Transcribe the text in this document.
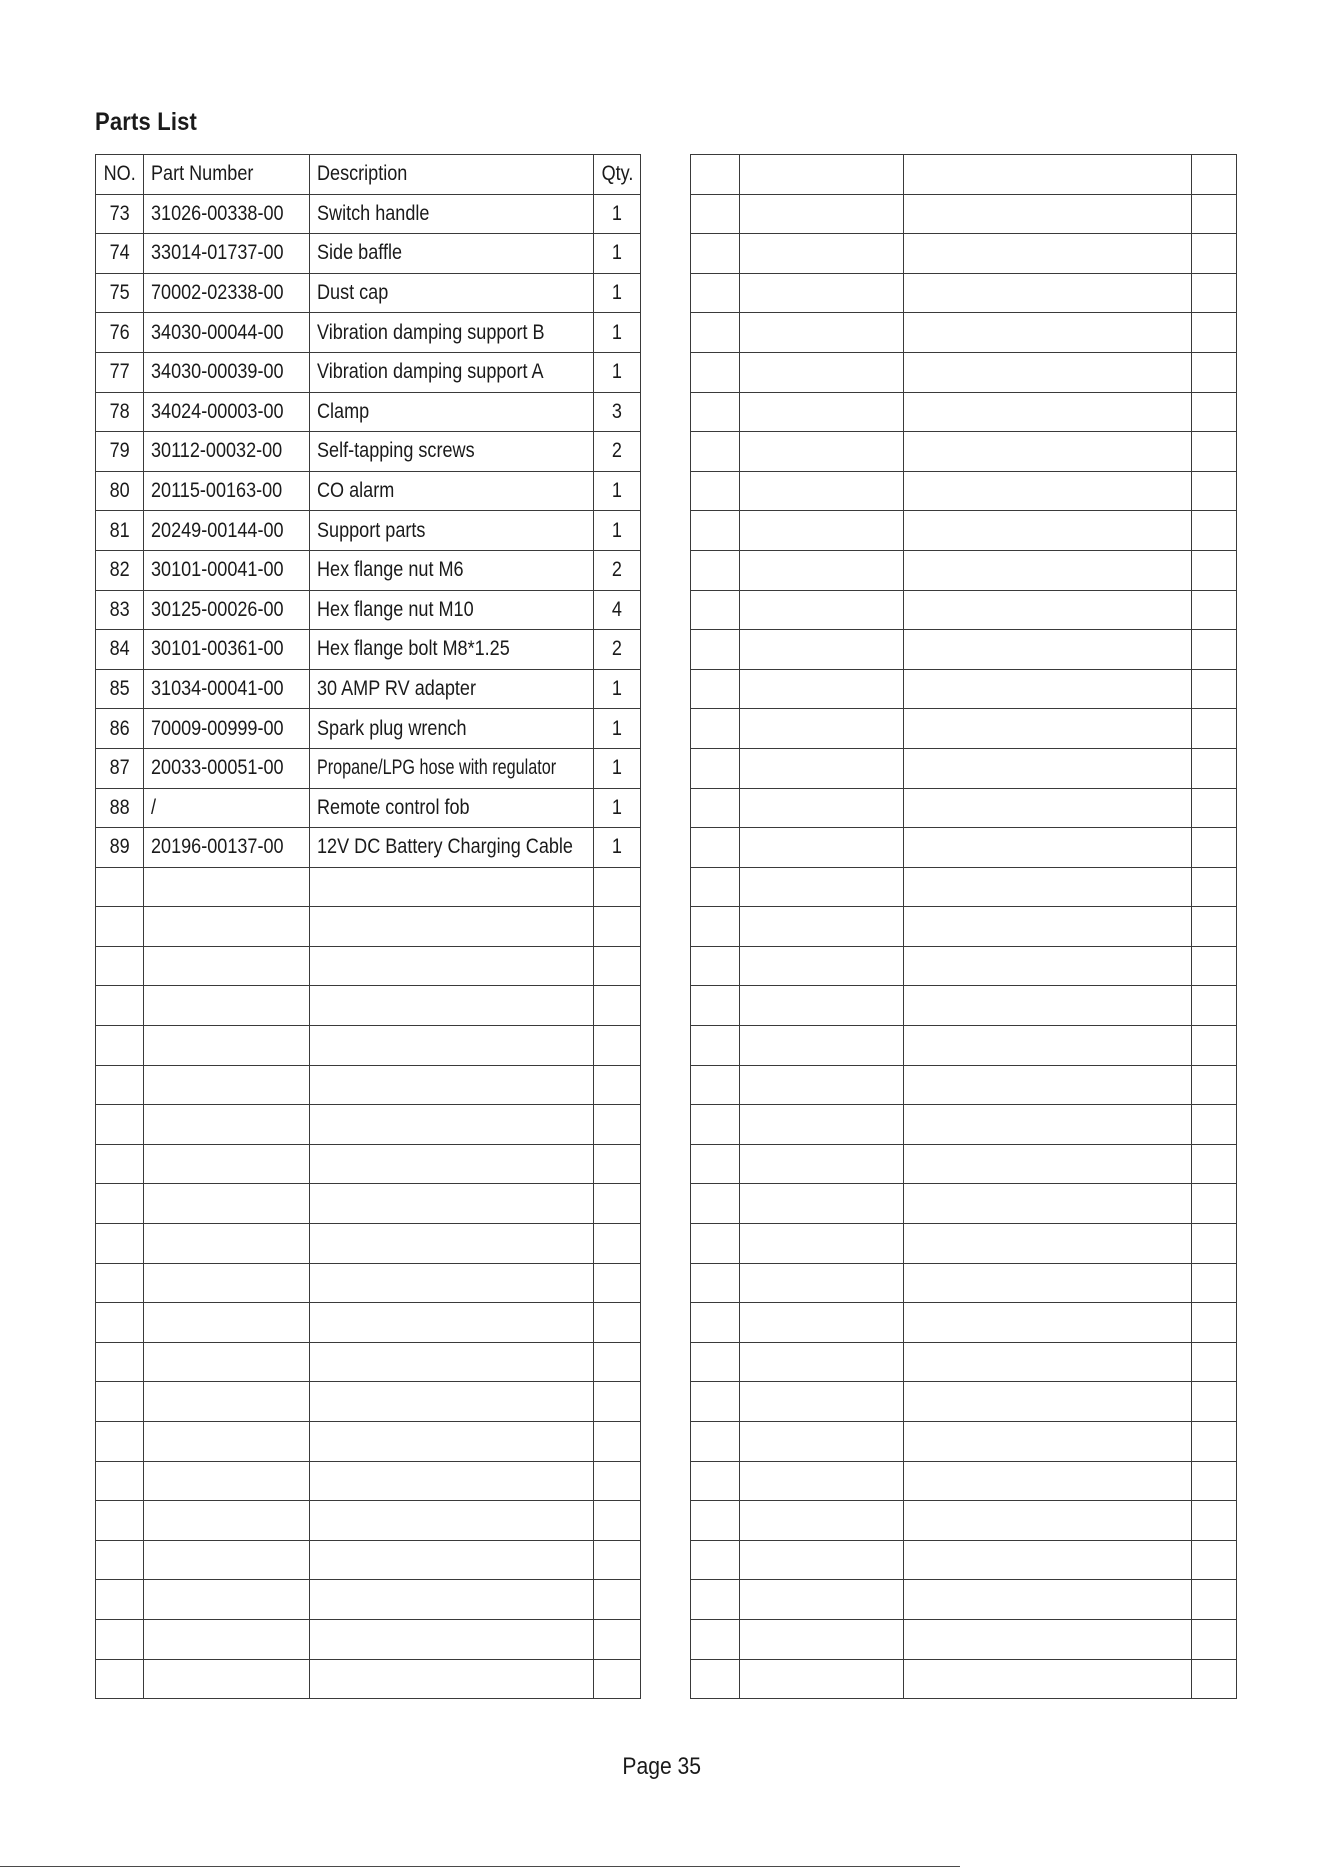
Parts List
NO.	Part Number	Description	Qty.
73	31026-00338-00	Switch handle	1
74	33014-01737-00	Side baffle	1
75	70002-02338-00	Dust cap	1
76	34030-00044-00	Vibration damping support B	1
77	34030-00039-00	Vibration damping support A	1
78	34024-00003-00	Clamp	3
79	30112-00032-00	Self-tapping screws	2
80	20115-00163-00	CO alarm	1
81	20249-00144-00	Support parts	1
82	30101-00041-00	Hex flange nut M6	2
83	30125-00026-00	Hex flange nut M10	4
84	30101-00361-00	Hex flange bolt M8*1.25	2
85	31034-00041-00	30 AMP RV adapter	1
86	70009-00999-00	Spark plug wrench	1
87	20033-00051-00	Propane/LPG hose with regulator	1
88	/	Remote control fob	1
89	20196-00137-00	12V DC Battery Charging Cable	1

Page 35
